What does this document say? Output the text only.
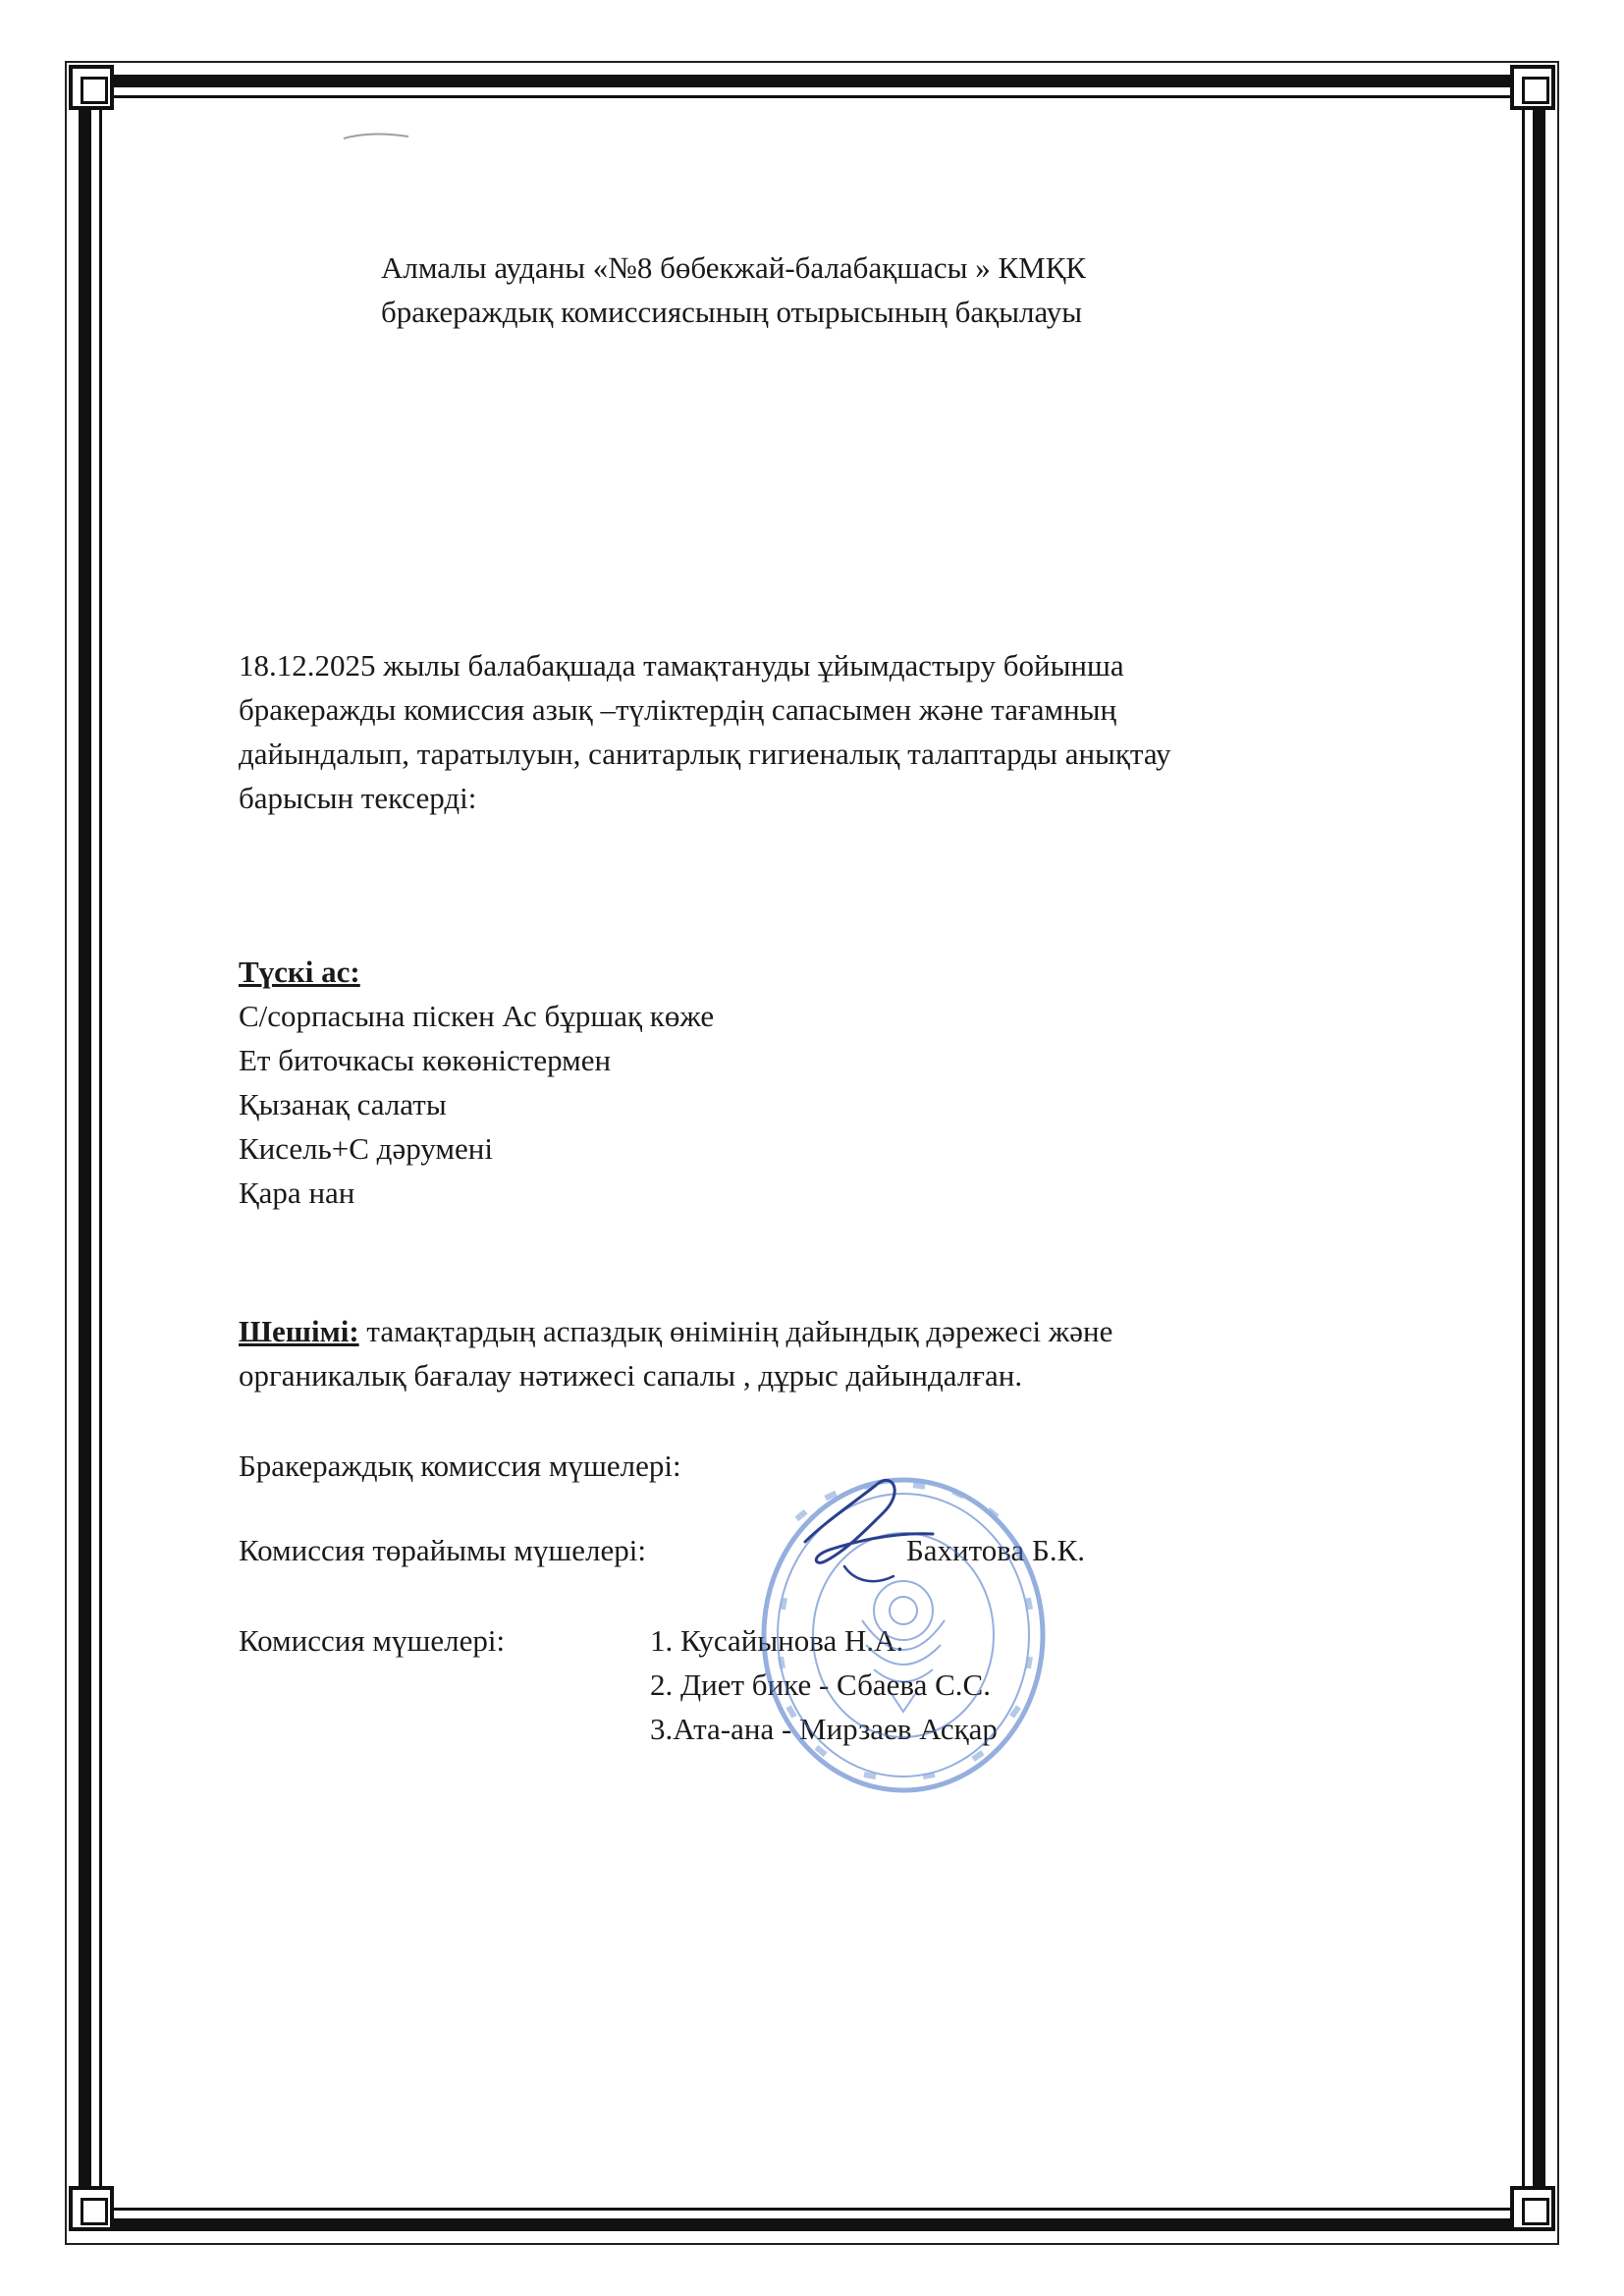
Алмалы ауданы «№8 бөбекжай-балабақшасы » КМҚК
бракераждық комиссиясының отырысының бақылауы
18.12.2025 жылы балабақшада тамақтануды ұйымдастыру бойынша
бракеражды комиссия азық –түліктердің сапасымен және тағамның
дайындалып, таратылуын, санитарлық гигиеналық талаптарды анықтау
барысын тексерді:
Түскі ас:
С/сорпасына піскен Ас бұршақ көже
Ет биточкасы көкөністермен
Қызанақ салаты
Кисель+С дәрумені
Қара нан
Шешімі: тамақтардың аспаздық өнімінің дайындық дәрежесі және
органикалық бағалау нәтижесі сапалы , дұрыс дайындалған.
Бракераждық комиссия мүшелері:
Комиссия төрайымы мүшелері:	Бахитова Б.К.
Комиссия мүшелері:	1. Кусайынова Н.А.
2. Диет бике - Сбаева С.С.
3.Ата-ана - Мирзаев Асқар
